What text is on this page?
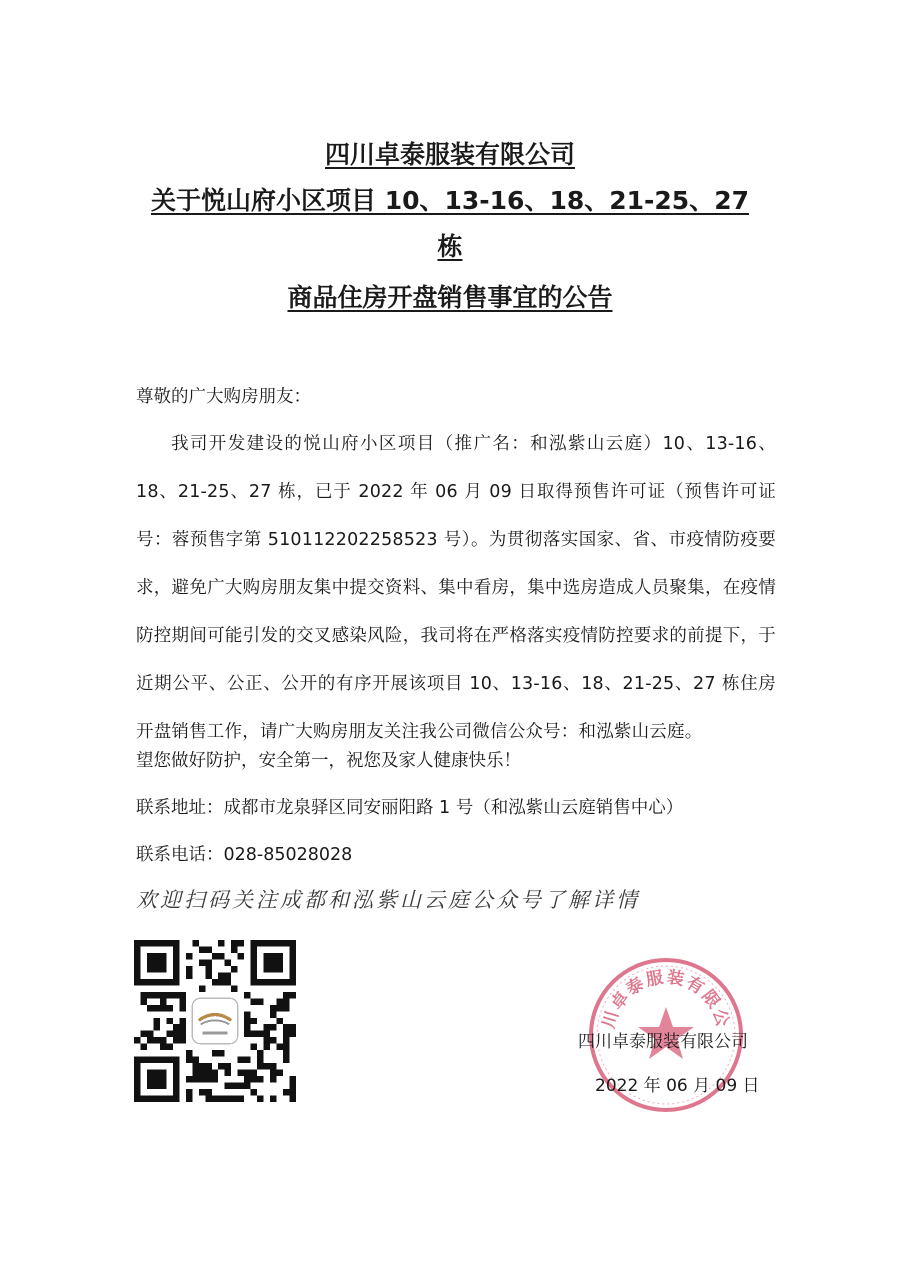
四川卓泰服装有限公司
关于悦山府小区项目 10、13-16、18、21-25、27
栋
商品住房开盘销售事宜的公告
尊敬的广大购房朋友：
我司开发建设的悦山府小区项目（推广名：和泓紫山云庭）10、13-16、18、21-25、27 栋，已于 2022 年 06 月 09 日取得预售许可证（预售许可证号：蓉预售字第 510112202258523 号）。为贯彻落实国家、省、市疫情防疫要求，避免广大购房朋友集中提交资料、集中看房，集中选房造成人员聚集，在疫情防控期间可能引发的交叉感染风险，我司将在严格落实疫情防控要求的前提下，于近期公平、公正、公开的有序开展该项目 10、13-16、18、21-25、27 栋住房开盘销售工作，请广大购房朋友关注我公司微信公众号：和泓紫山云庭。
望您做好防护，安全第一，祝您及家人健康快乐！
联系地址：成都市龙泉驿区同安丽阳路 1 号（和泓紫山云庭销售中心）
联系电话：028-85028028
欢迎扫码关注成都和泓紫山云庭公众号了解详情
川卓泰服装有限公
四川卓泰服装有限公司
2022 年 06 月 09 日
